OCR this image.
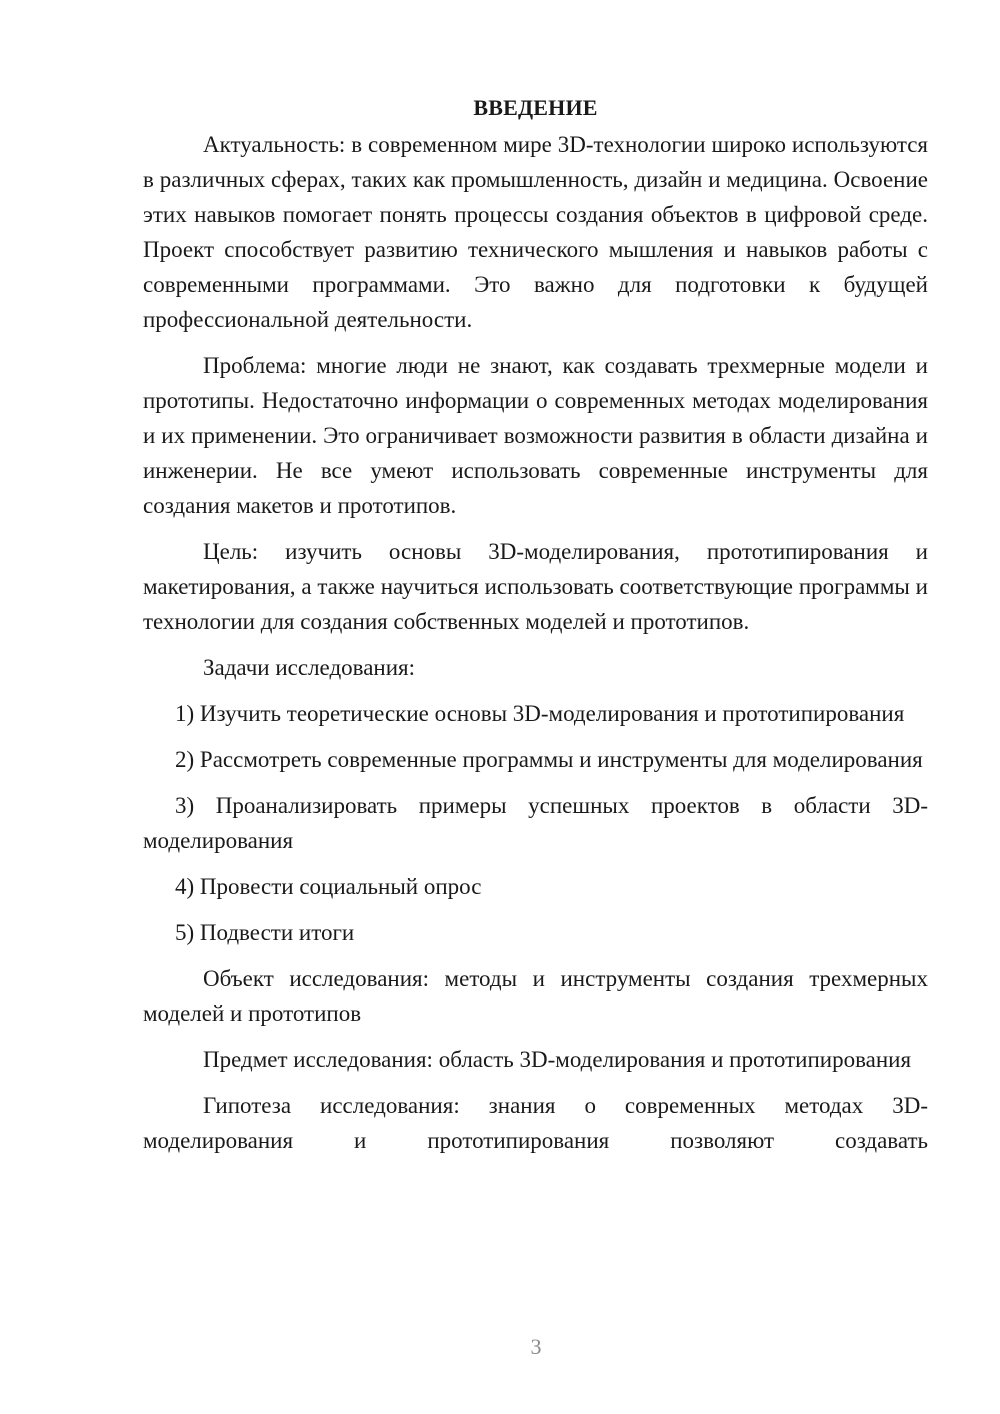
ВВЕДЕНИЕ

Актуальность: в современном мире 3D-технологии широко используются в различных сферах, таких как промышленность, дизайн и медицина. Освоение этих навыков помогает понять процессы создания объектов в цифровой среде. Проект способствует развитию технического мышления и навыков работы с современными программами. Это важно для подготовки к будущей профессиональной деятельности.

Проблема: многие люди не знают, как создавать трехмерные модели и прототипы. Недостаточно информации о современных методах моделирования и их применении. Это ограничивает возможности развития в области дизайна и инженерии. Не все умеют использовать современные инструменты для создания макетов и прототипов.

Цель: изучить основы 3D-моделирования, прототипирования и макетирования, а также научиться использовать соответствующие программы и технологии для создания собственных моделей и прототипов.

Задачи исследования:

1) Изучить теоретические основы 3D-моделирования и прототипирования

2) Рассмотреть современные программы и инструменты для моделирования

3) Проанализировать примеры успешных проектов в области 3D-моделирования

4) Провести социальный опрос

5) Подвести итоги

Объект исследования: методы и инструменты создания трехмерных моделей и прототипов

Предмет исследования: область 3D-моделирования и прототипирования

Гипотеза исследования: знания о современных методах 3D-моделирования и прототипирования позволяют создавать

3
